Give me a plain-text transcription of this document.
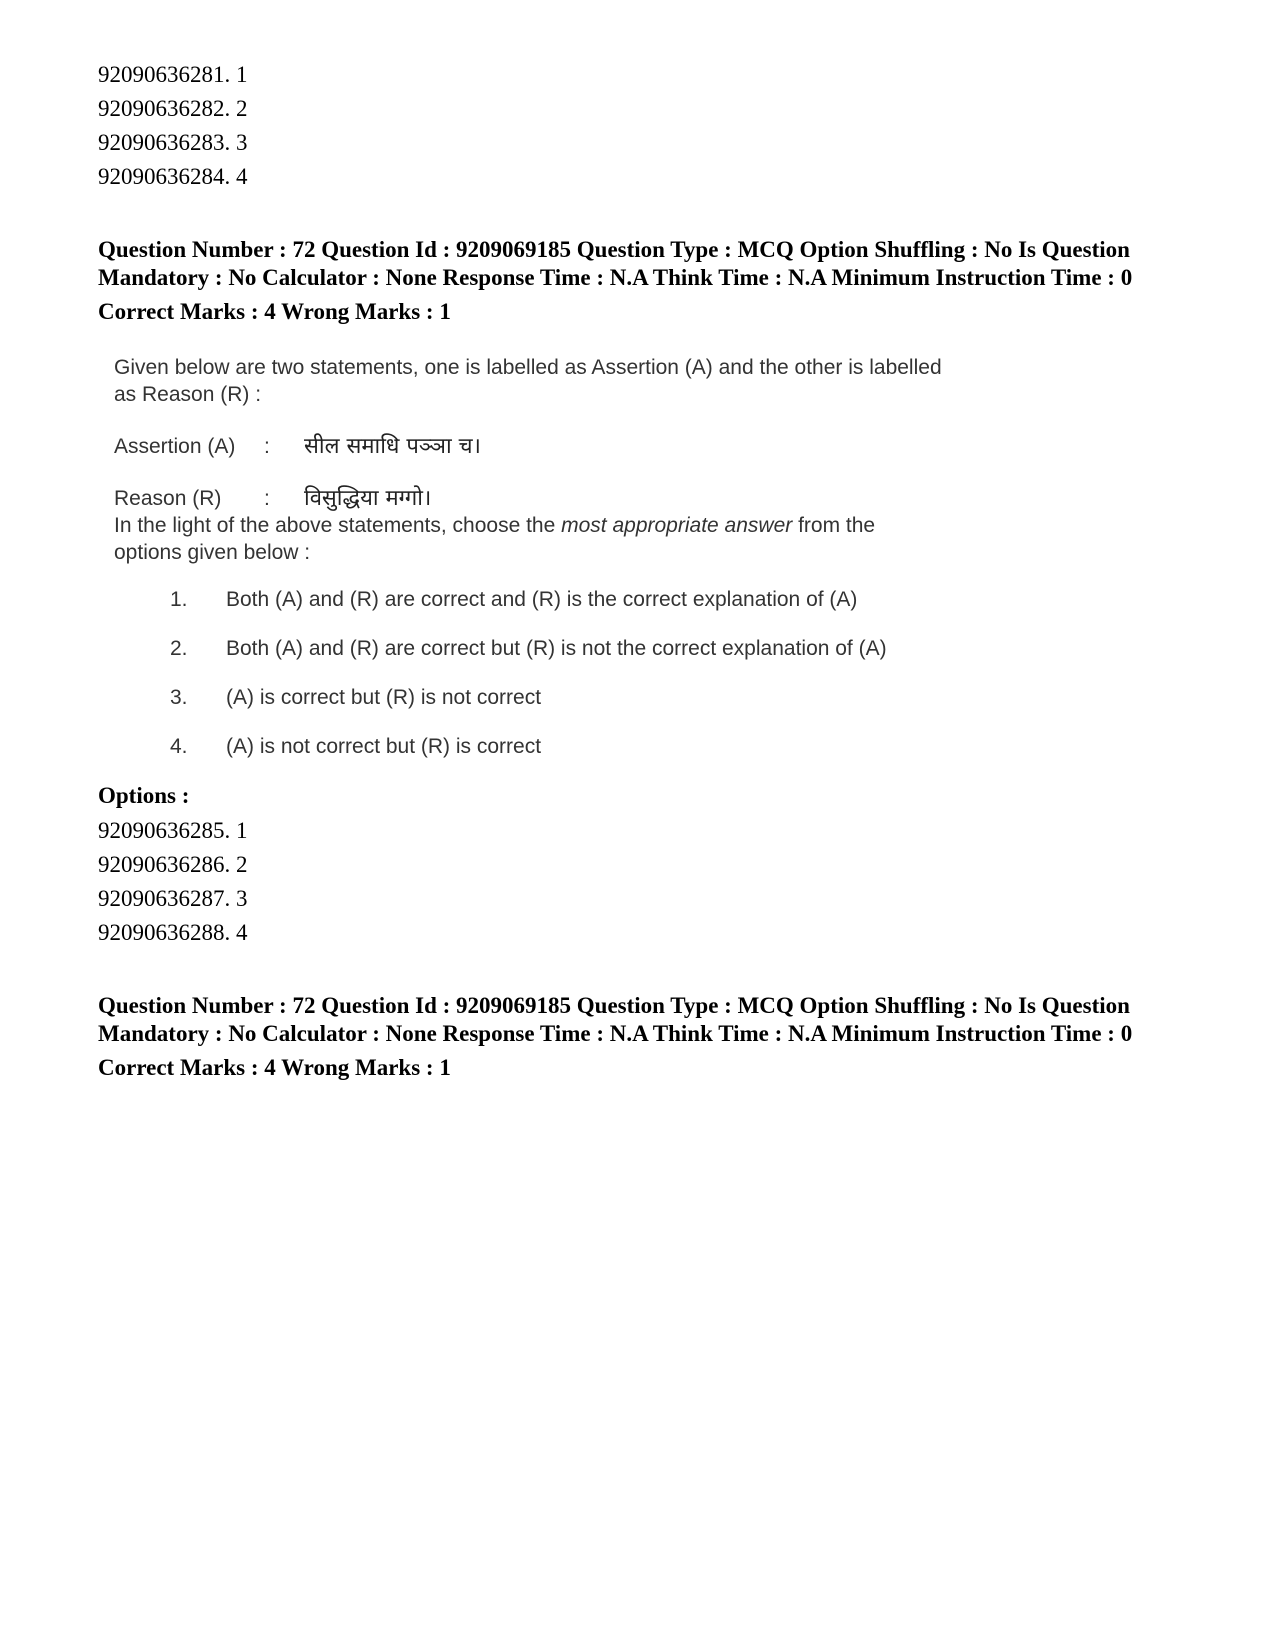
92090636281. 1
92090636282. 2
92090636283. 3
92090636284. 4
Question Number : 72 Question Id : 9209069185 Question Type : MCQ Option Shuffling : No Is Question Mandatory : No Calculator : None Response Time : N.A Think Time : N.A Minimum Instruction Time : 0
Correct Marks : 4 Wrong Marks : 1

Given below are two statements, one is labelled as Assertion (A) and the other is labelled as Reason (R) :

Assertion (A)	:	सील समाधि पञ्ञा च।
Reason (R)	:	विसुद्धिया मग्गो।

In the light of the above statements, choose the most appropriate answer from the options given below :

1.	Both (A) and (R) are correct and (R) is the correct explanation of (A)
2.	Both (A) and (R) are correct but (R) is not the correct explanation of (A)
3.	(A) is correct but (R) is not correct
4.	(A) is not correct but (R) is correct
Options :
92090636285. 1
92090636286. 2
92090636287. 3
92090636288. 4
Question Number : 72 Question Id : 9209069185 Question Type : MCQ Option Shuffling : No Is Question Mandatory : No Calculator : None Response Time : N.A Think Time : N.A Minimum Instruction Time : 0
Correct Marks : 4 Wrong Marks : 1
